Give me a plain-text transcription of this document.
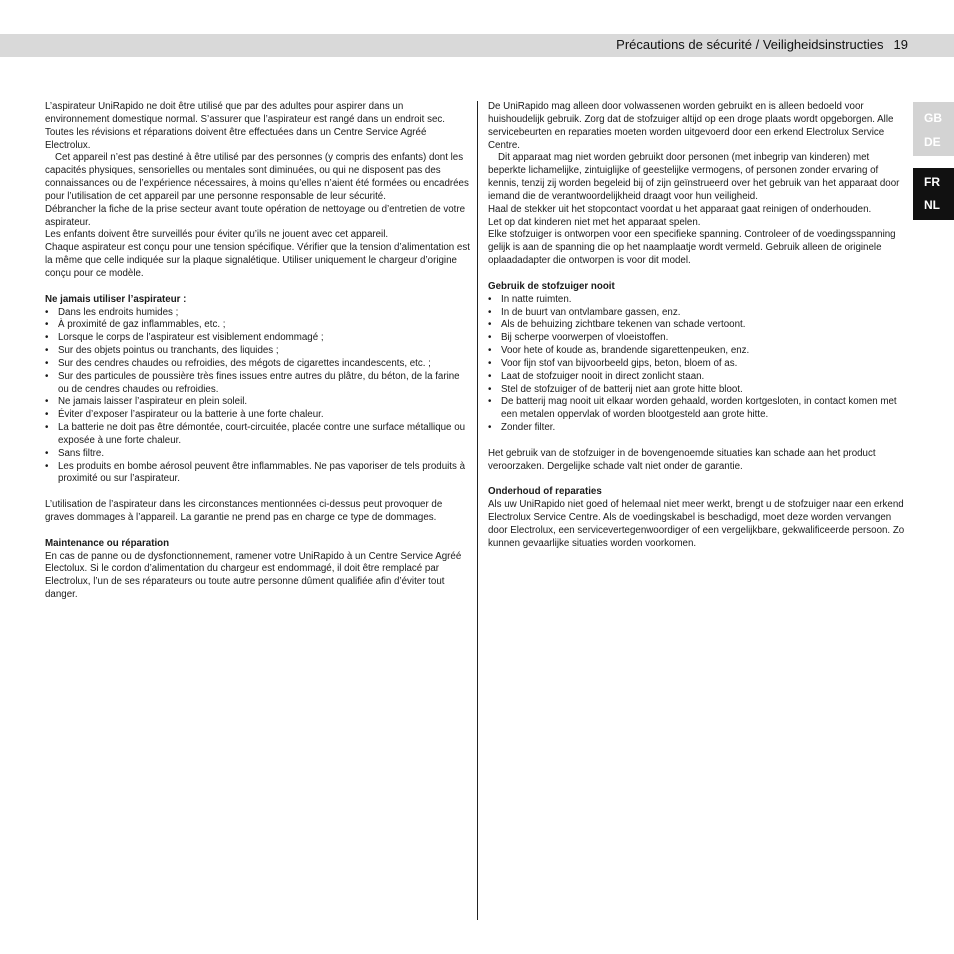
Précautions de sécurité / Veiligheidsinstructies 19

L’aspirateur UniRapido ne doit être utilisé que par des adultes pour aspirer dans un environnement domestique normal. S’assurer que l’aspirateur est rangé dans un endroit sec. Toutes les révisions et réparations doivent être effectuées dans un Centre Service Agréé Electrolux.

Cet appareil n’est pas destiné à être utilisé par des personnes (y compris des enfants) dont les capacités physiques, sensorielles ou mentales sont diminuées, ou qui ne disposent pas des connaissances ou de l’expérience nécessaires, à moins qu’elles n’aient été formées ou encadrées pour l’utilisation de cet appareil par une personne responsable de leur sécurité.

Débrancher la fiche de la prise secteur avant toute opération de nettoyage ou d’entretien de votre aspirateur.

Les enfants doivent être surveillés pour éviter qu’ils ne jouent avec cet appareil.

Chaque aspirateur est conçu pour une tension spécifique. Vérifier que la tension d’alimentation est la même que celle indiquée sur la plaque signalétique. Utiliser uniquement le chargeur d’origine conçu pour ce modèle.

Ne jamais utiliser l’aspirateur :
• Dans les endroits humides ;
• À proximité de gaz inflammables, etc. ;
• Lorsque le corps de l’aspirateur est visiblement endommagé ;
• Sur des objets pointus ou tranchants, des liquides ;
• Sur des cendres chaudes ou refroidies, des mégots de cigarettes incandescents, etc. ;
• Sur des particules de poussière très fines issues entre autres du plâtre, du béton, de la farine ou de cendres chaudes ou refroidies.
• Ne jamais laisser l’aspirateur en plein soleil.
• Éviter d’exposer l’aspirateur ou la batterie à une forte chaleur.
• La batterie ne doit pas être démontée, court-circuitée, placée contre une surface métallique ou exposée à une forte chaleur.
• Sans filtre.
• Les produits en bombe aérosol peuvent être inflammables. Ne pas vaporiser de tels produits à proximité ou sur l’aspirateur.

L’utilisation de l’aspirateur dans les circonstances mentionnées ci-dessus peut provoquer de graves dommages à l’appareil. La garantie ne prend pas en charge ce type de dommages.

Maintenance ou réparation

En cas de panne ou de dysfonctionnement, ramener votre UniRapido à un Centre Service Agréé Electolux. Si le cordon d’alimentation du chargeur est endommagé, il doit être remplacé par Electrolux, l’un de ses réparateurs ou toute autre personne dûment qualifiée afin d’éviter tout danger.

De UniRapido mag alleen door volwassenen worden gebruikt en is alleen bedoeld voor huishoudelijk gebruik. Zorg dat de stofzuiger altijd op een droge plaats wordt opgeborgen. Alle servicebeurten en reparaties moeten worden uitgevoerd door een erkend Electrolux Service Centre.

Dit apparaat mag niet worden gebruikt door personen (met inbegrip van kinderen) met beperkte lichamelijke, zintuiglijke of geestelijke vermogens, of personen zonder ervaring of kennis, tenzij zij worden begeleid bij of zijn geïnstrueerd over het gebruik van het apparaat door iemand die de verantwoordelijkheid draagt voor hun veiligheid.

Haal de stekker uit het stopcontact voordat u het apparaat gaat reinigen of onderhouden.

Let op dat kinderen niet met het apparaat spelen.

Elke stofzuiger is ontworpen voor een specifieke spanning. Controleer of de voedingsspanning gelijk is aan de spanning die op het naamplaatje wordt vermeld. Gebruik alleen de originele oplaadadapter die ontworpen is voor dit model.

Gebruik de stofzuiger nooit
• In natte ruimten.
• In de buurt van ontvlambare gassen, enz.
• Als de behuizing zichtbare tekenen van schade vertoont.
• Bij scherpe voorwerpen of vloeistoffen.
• Voor hete of koude as, brandende sigarettenpeuken, enz.
• Voor fijn stof van bijvoorbeeld gips, beton, bloem of as.
• Laat de stofzuiger nooit in direct zonlicht staan.
• Stel de stofzuiger of de batterij niet aan grote hitte bloot.
• De batterij mag nooit uit elkaar worden gehaald, worden kortgesloten, in contact komen met een metalen oppervlak of worden blootgesteld aan grote hitte.
• Zonder filter.

Het gebruik van de stofzuiger in de bovengenoemde situaties kan schade aan het product veroorzaken. Dergelijke schade valt niet onder de garantie.

Onderhoud of reparaties

Als uw UniRapido niet goed of helemaal niet meer werkt, brengt u de stofzuiger naar een erkend Electrolux Service Centre. Als de voedingskabel is beschadigd, moet deze worden vervangen door Electrolux, een servicevertegenwoordiger of een vergelijkbare, gekwalificeerde persoon. Zo kunnen gevaarlijke situaties worden voorkomen.

GB
DE
FR
NL
